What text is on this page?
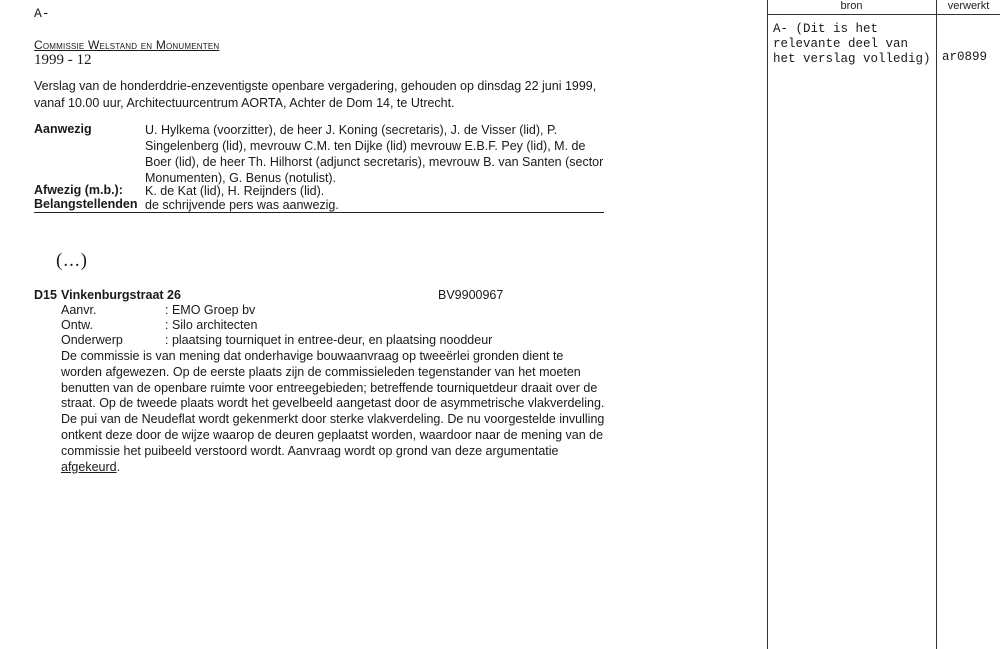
bron	verwerkt
A- (Dit is het relevante deel van het verslag volledig) ar0899
A-
Commissie Welstand en Monumenten
1999 - 12
Verslag van de honderddrie-enzeventigste openbare vergadering, gehouden op dinsdag 22 juni 1999, vanaf 10.00 uur, Architectuurcentrum AORTA, Achter de Dom 14, te Utrecht.
Aanwezig	U. Hylkema (voorzitter), de heer J. Koning (secretaris), J. de Visser (lid), P. Singelenberg (lid), mevrouw C.M. ten Dijke (lid) mevrouw E.B.F. Pey (lid), M. de Boer (lid), de heer Th. Hilhorst (adjunct secretaris), mevrouw B. van Santen (sector Monumenten), G. Benus (notulist).
Afwezig (m.b.): K. de Kat (lid), H. Reijnders (lid).
Belangstellenden de schrijvende pers was aanwezig.
(...)
D15 Vinkenburgstraat 26	BV9900967
Aanvr.	: EMO Groep bv
Ontw.	: Silo architecten
Onderwerp	: plaatsing tourniquet in entree-deur, en plaatsing nooddeur
De commissie is van mening dat onderhavige bouwaanvraag op tweeërlei gronden dient te worden afgewezen. Op de eerste plaats zijn de commissieleden tegenstander van het moeten benutten van de openbare ruimte voor entreegebieden; betreffende tourniquetdeur draait over de straat. Op de tweede plaats wordt het gevelbeeld aangetast door de asymmetrische vlakverdeling. De pui van de Neudeflat wordt gekenmerkt door sterke vlakverdeling. De nu voorgestelde invulling ontkent deze door de wijze waarop de deuren geplaatst worden, waardoor naar de mening van de commissie het puibeeld verstoord wordt. Aanvraag wordt op grond van deze argumentatie afgekeurd.
